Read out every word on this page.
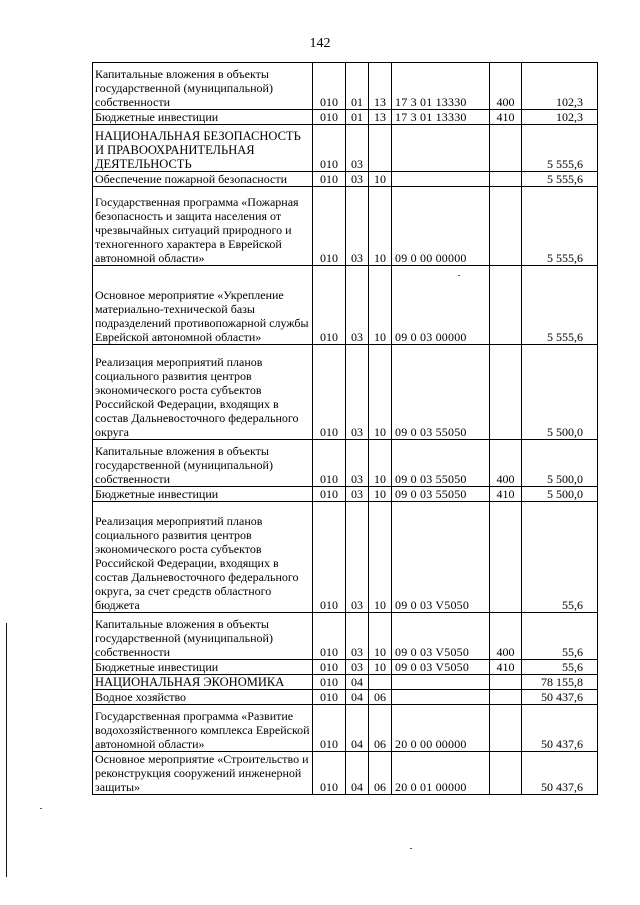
142
Капитальные вложения в объекты государственной (муниципальной) собственности	010	01	13	17 3 01 13330	400	102,3
Бюджетные инвестиции	010	01	13	17 3 01 13330	410	102,3
НАЦИОНАЛЬНАЯ БЕЗОПАСНОСТЬ И ПРАВООХРАНИТЕЛЬНАЯ ДЕЯТЕЛЬНОСТЬ	010	03				5 555,6
Обеспечение пожарной безопасности	010	03	10			5 555,6
Государственная программа «Пожарная безопасность и защита населения от чрезвычайных ситуаций природного и техногенного характера в Еврейской автономной области»	010	03	10	09 0 00 00000		5 555,6
Основное мероприятие «Укрепление материально-технической базы подразделений противопожарной службы Еврейской автономной области»	010	03	10	09 0 03 00000		5 555,6
Реализация мероприятий планов социального развития центров экономического роста субъектов Российской Федерации, входящих в состав Дальневосточного федерального округа	010	03	10	09 0 03 55050		5 500,0
Капитальные вложения в объекты государственной (муниципальной) собственности	010	03	10	09 0 03 55050	400	5 500,0
Бюджетные инвестиции	010	03	10	09 0 03 55050	410	5 500,0
Реализация мероприятий планов социального развития центров экономического роста субъектов Российской Федерации, входящих в состав Дальневосточного федерального округа, за счет средств областного бюджета	010	03	10	09 0 03 V5050		55,6
Капитальные вложения в объекты государственной (муниципальной) собственности	010	03	10	09 0 03 V5050	400	55,6
Бюджетные инвестиции	010	03	10	09 0 03 V5050	410	55,6
НАЦИОНАЛЬНАЯ ЭКОНОМИКА	010	04				78 155,8
Водное хозяйство	010	04	06			50 437,6
Государственная программа «Развитие водохозяйственного комплекса Еврейской автономной области»	010	04	06	20 0 00 00000		50 437,6
Основное мероприятие «Строительство и реконструкция сооружений инженерной защиты»	010	04	06	20 0 01 00000		50 437,6
